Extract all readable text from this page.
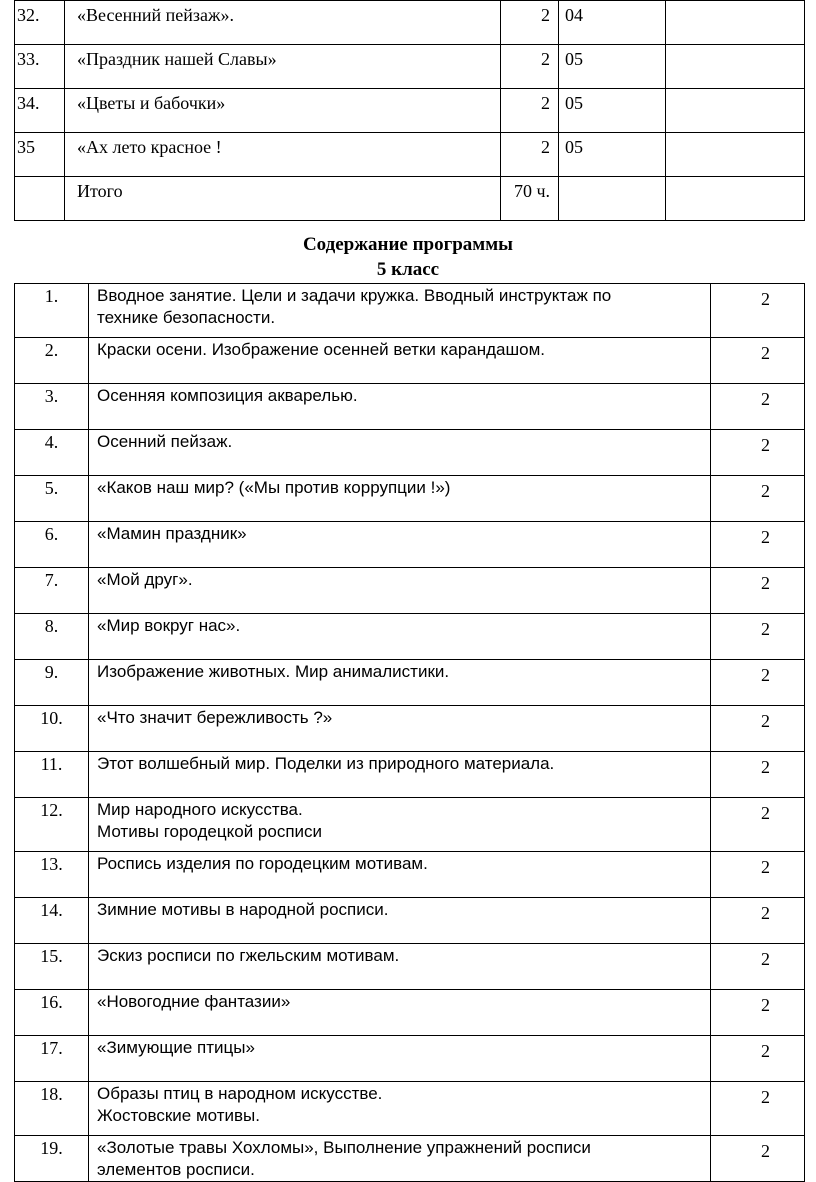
32.	«Весенний пейзаж».	2	04	
33.	«Праздник нашей Славы»	2	05	
34.	«Цветы и бабочки»	2	05	
35	«Ах лето красное !	2	05	
	Итого	70 ч.		
Содержание программы
5 класс
1.	Вводное занятие. Цели и задачи кружка. Вводный инструктаж по
технике безопасности.	2
2.	Краски осени. Изображение осенней ветки карандашом.	2
3.	Осенняя композиция акварелью.	2
4.	Осенний пейзаж.	2
5.	«Каков наш мир? («Мы против коррупции !»)	2
6.	«Мамин праздник»	2
7.	«Мой друг».	2
8.	«Мир вокруг нас».	2
9.	Изображение животных. Мир анималистики.	2
10.	«Что значит бережливость ?»	2
11.	Этот волшебный мир. Поделки из природного материала.	2
12.	Мир народного искусства.
Мотивы городецкой росписи	2
13.	Роспись изделия по городецким мотивам.	2
14.	Зимние мотивы в народной росписи.	2
15.	Эскиз росписи по гжельским мотивам.	2
16.	«Новогодние фантазии»	2
17.	«Зимующие птицы»	2
18.	Образы птиц в народном искусстве.
Жостовские мотивы.	2
19.	«Золотые травы Хохломы», Выполнение упражнений росписи
элементов росписи.	2
